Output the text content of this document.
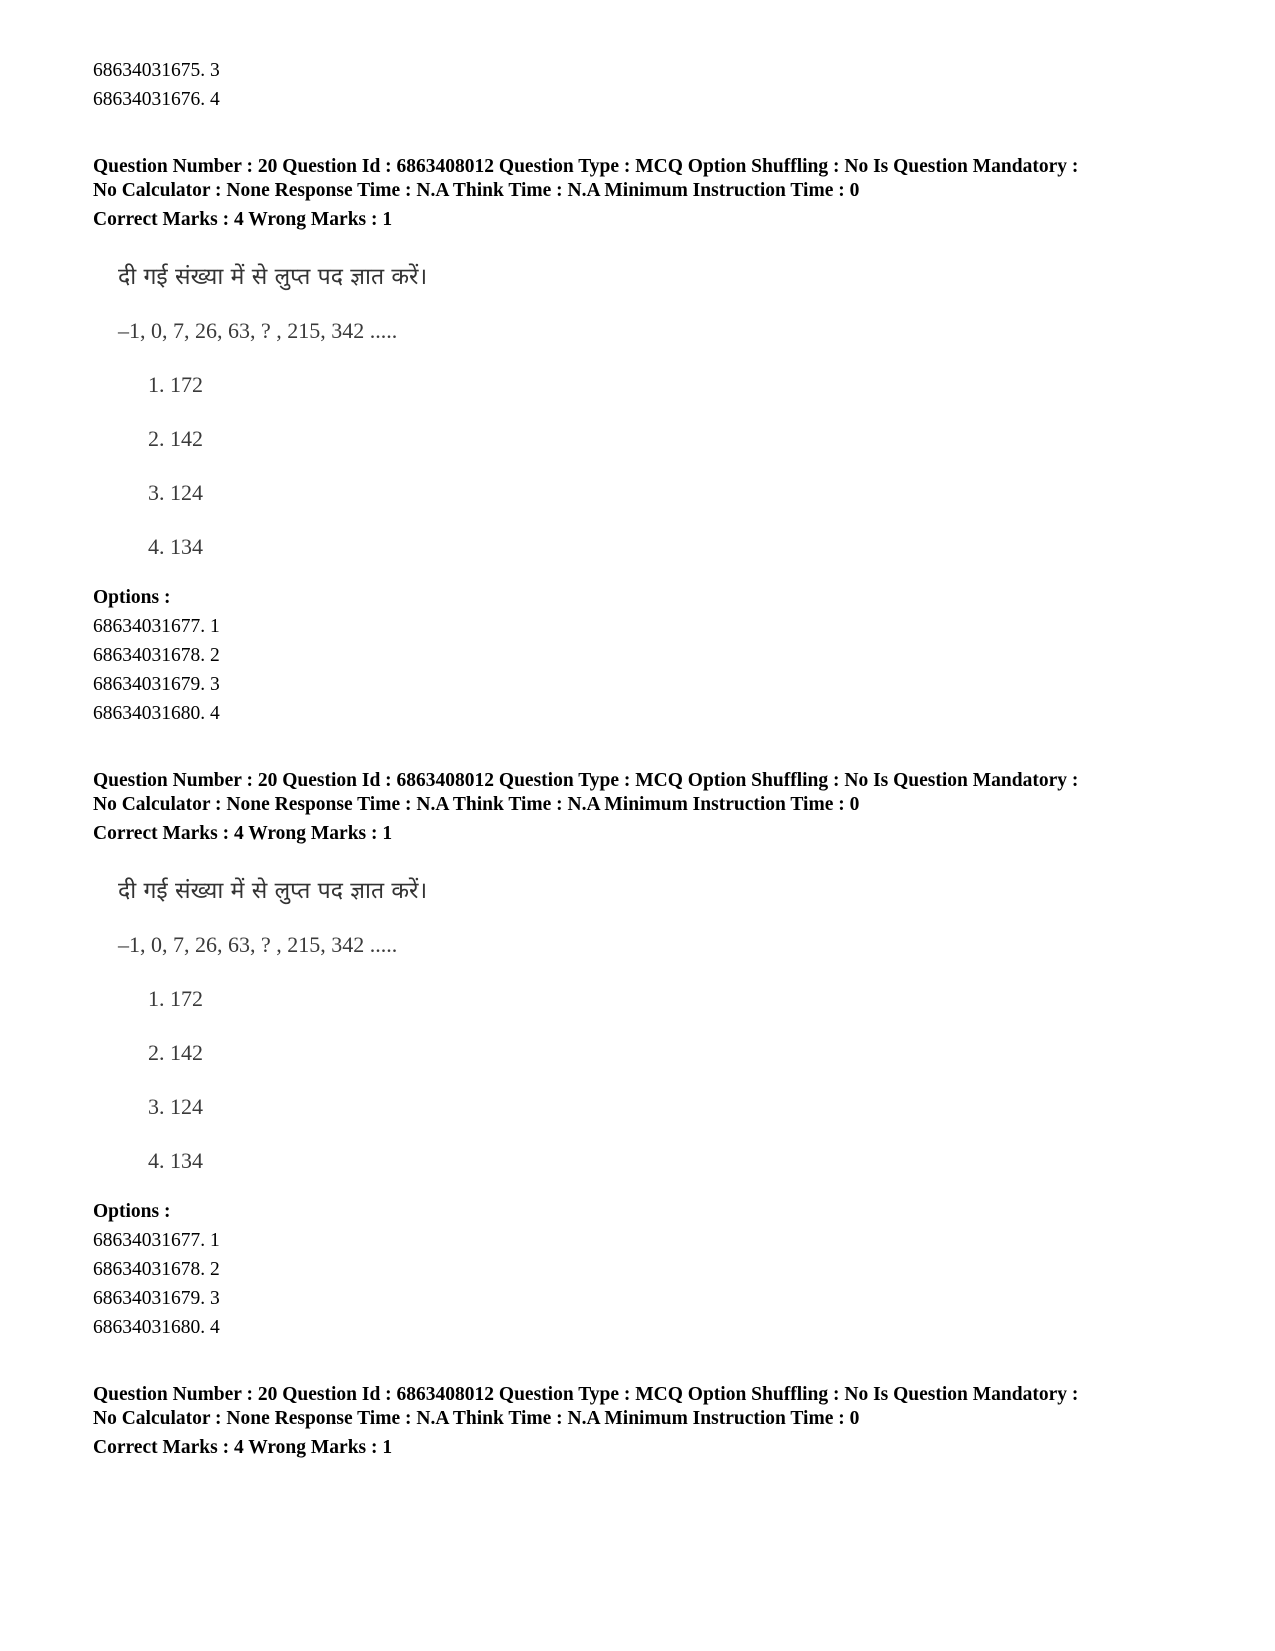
68634031675. 3
68634031676. 4
Question Number : 20 Question Id : 6863408012 Question Type : MCQ Option Shuffling : No Is Question Mandatory :
No Calculator : None Response Time : N.A Think Time : N.A Minimum Instruction Time : 0
Correct Marks : 4 Wrong Marks : 1
दी गई संख्या में से लुप्त पद ज्ञात करें।
–1, 0, 7, 26, 63, ? , 215, 342 .....
1. 172
2. 142
3. 124
4. 134
Options :
68634031677. 1
68634031678. 2
68634031679. 3
68634031680. 4
Question Number : 20 Question Id : 6863408012 Question Type : MCQ Option Shuffling : No Is Question Mandatory :
No Calculator : None Response Time : N.A Think Time : N.A Minimum Instruction Time : 0
Correct Marks : 4 Wrong Marks : 1
दी गई संख्या में से लुप्त पद ज्ञात करें।
–1, 0, 7, 26, 63, ? , 215, 342 .....
1. 172
2. 142
3. 124
4. 134
Options :
68634031677. 1
68634031678. 2
68634031679. 3
68634031680. 4
Question Number : 20 Question Id : 6863408012 Question Type : MCQ Option Shuffling : No Is Question Mandatory :
No Calculator : None Response Time : N.A Think Time : N.A Minimum Instruction Time : 0
Correct Marks : 4 Wrong Marks : 1
